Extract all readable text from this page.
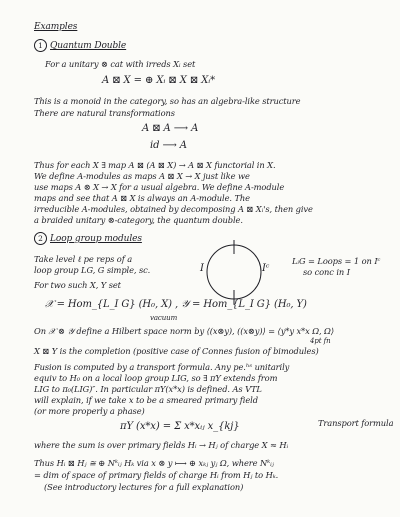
Examples
1 Quantum Double
For a unitary ⊗ cat with irreds Xᵢ set
A ⊠ X = ⊕ Xᵢ ⊠ X ⊠ Xᵢ*
This is a monoid in the category, so has an algebra-like structure
There are natural transformations
A ⊠ A ⟶ A
id ⟶ A
Thus for each X ∃ map A ⊠ (A ⊠ X) → A ⊠ X functorial in X.
We define A-modules as maps A ⊠ X → X just like we
use maps A ⊗ X → X for a usual algebra. We define A-module
maps and see that A ⊠ X is always an A-module. The
irreducible A-modules, obtained by decomposing A ⊠ Xᵢ's, then give
a braided unitary ⊗-category, the quantum double.
2 Loop group modules
I	Iᶜ
LᵢG = Loops = 1 on Iᶜ
so conc in I
Take level ℓ pe reps of a
loop group LG, G simple, sc.
For two such X, Y set
𝒳 = Hom_{L_I G} (H₀, X) , 𝒴 = Hom_{L_I G} (H₀, Y)
vacuum
On 𝒳 ⊗ 𝒴 define a Hilbert space norm by ⟨(x⊗y), ((x⊗y)⟩ = ⟨y*y x*x Ω, Ω⟩
4pt fn
X ⊠ Y is the completion (positive case of Connes fusion of bimodules)
Fusion is computed by a transport formula. Any pe.ʰˢ unitarily
equiv to H₀ on a local loop group LIG, so ∃ πY extends from
LIG to π₀(LIG)″. In particular πY(x*x) is defined. As VTL
will explain, if we take x to be a smeared primary field
(or more properly a phase)
πY (x*x) = Σ x*xᵢⱼ x_{kj}	Transport formula
where the sum is over primary fields Hᵢ → Hⱼ of charge X ≈ Hᵢ
Thus Hᵢ ⊠ Hⱼ ≅ ⊕ Nᵏᵢⱼ Hₖ via x ⊗ y ⟼ ⊕ xₖⱼ yⱼ Ω, where Nᵏᵢⱼ
= dim of space of primary fields of charge Hᵢ from Hⱼ to Hₖ.
(See introductory lectures for a full explanation)
